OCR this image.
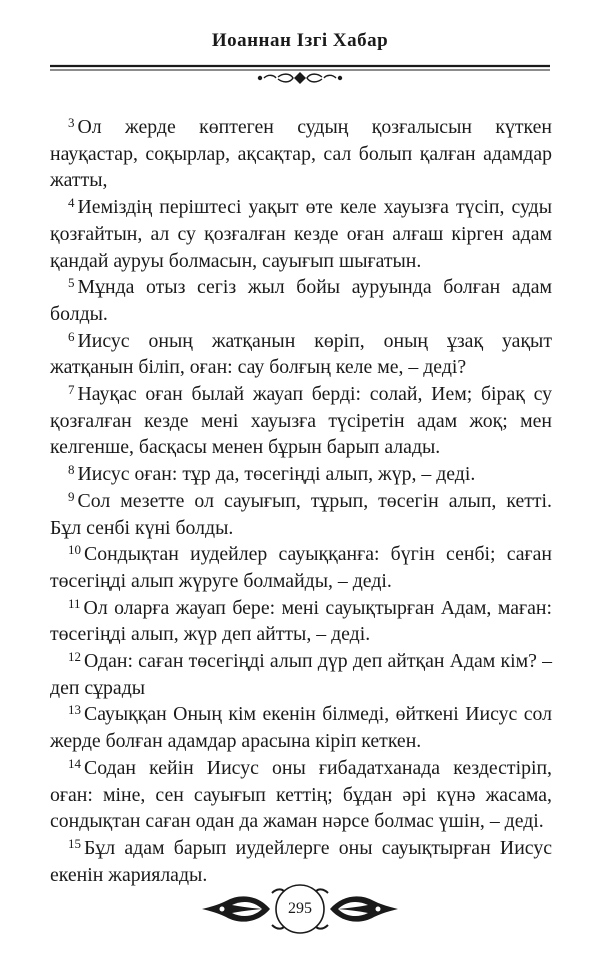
Иоаннан Ізгі Хабар

$^3$ Ол жерде көптеген судың қозғалысын күткен науқастар, соқырлар, ақсақтар, сал болып қалған адамдар жатты,

$^4$ Иеміздің періштесі уақыт өте келе хауызға түсіп, суды қозғайтын, ал су қозғалған кезде оған алғаш кірген адам қандай ауруы болмасын, сауығып шығатын.

$^5$ Мұнда отыз сегіз жыл бойы ауруында болған адам болды.

$^6$ Иисус оның жатқанын көріп, оның ұзақ уақыт жатқанын біліп, оған: сау болғың келе ме, – деді?

$^7$ Науқас оған былай жауап берді: солай, Ием; бірақ су қозғалған кезде мені хауызға түсіретін адам жоқ; мен келгенше, басқасы менен бұрын барып алады.

$^8$ Иисус оған: тұр да, төсегіңді алып, жүр, – деді.

$^9$ Сол мезетте ол сауығып, тұрып, төсегін алып, кетті. Бұл сенбі күні болды.

$^{10}$ Сондықтан иудейлер сауыққанға: бүгін сенбі; саған төсегіңді алып жүруге болмайды, – деді.

$^{11}$ Ол оларға жауап бере: мені сауықтырған Адам, маған: төсегіңді алып, жүр деп айтты, – деді.

$^{12}$ Одан: саған төсегіңді алып дүр деп айтқан Адам кім? – деп сұрады

$^{13}$ Сауыққан Оның кім екенін білмеді, өйткені Иисус сол жерде болған адамдар арасына кіріп кеткен.

$^{14}$ Содан кейін Иисус оны ғибадатханада кездестіріп, оған: міне, сен сауығып кеттің; бұдан әрі күнә жасама, сондықтан саған одан да жаман нәрсе болмас үшін, – деді.

$^{15}$ Бұл адам барып иудейлерге оны сауықтырған Иисус екенін жариялады.

295
